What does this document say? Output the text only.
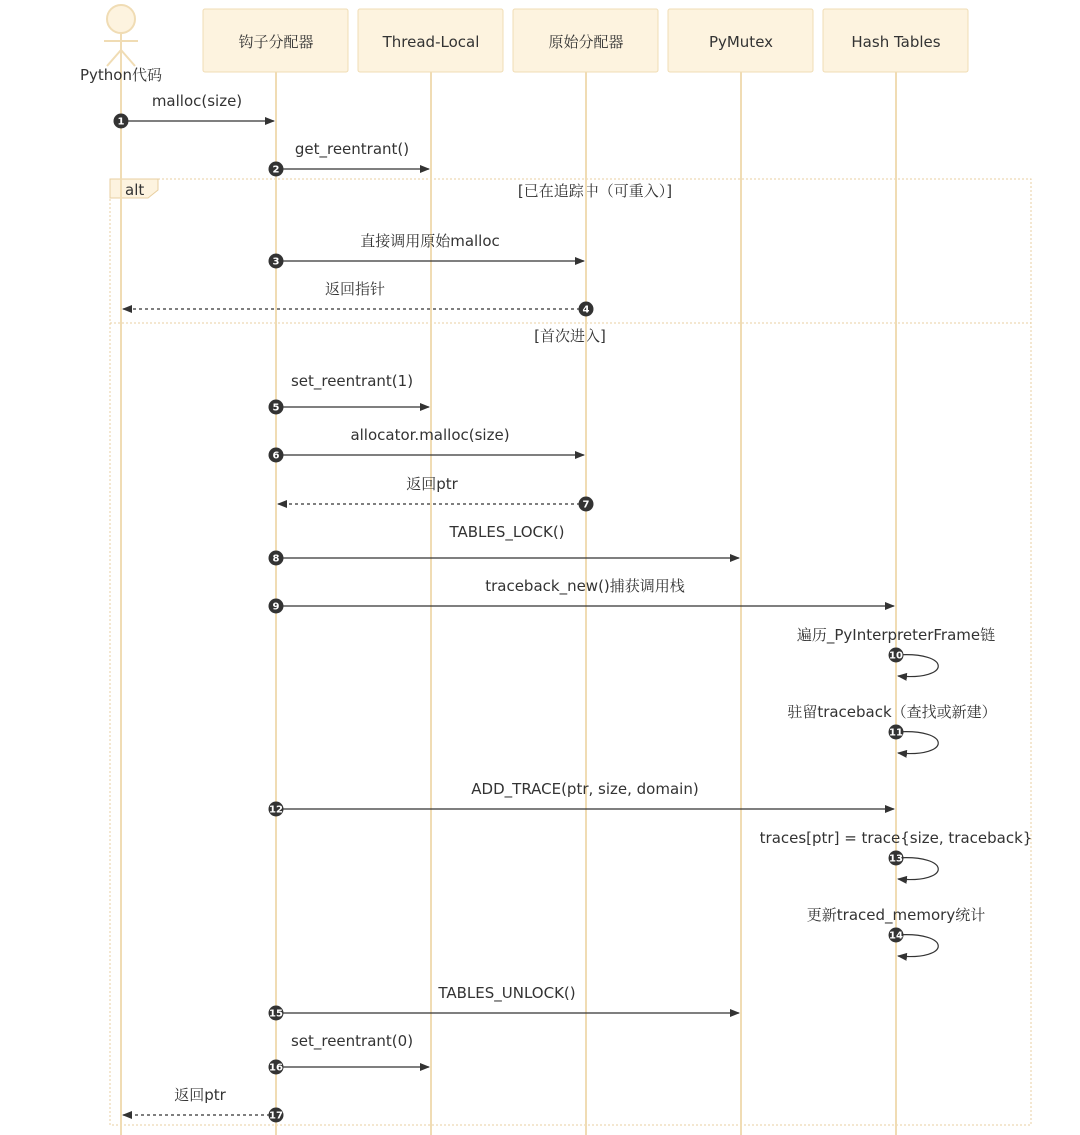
alt	[已在追踪中（可重入）]
[首次进入]
Python代码
钩子分配器	Thread-Local	原始分配器	PyMutex	Hash Tables
malloc(size)
1
get_reentrant()
2
直接调用原始malloc
3
返回指针
4
set_reentrant(1)
5
allocator.malloc(size)
6
返回ptr
7
TABLES_LOCK()
8
traceback_new()捕获调用栈
9
遍历_PyInterpreterFrame链
10
驻留traceback（查找或新建）
11
ADD_TRACE(ptr, size, domain)
12
traces[ptr] = trace{size, traceback}
13
更新traced_memory统计
14
TABLES_UNLOCK()
15
set_reentrant(0)
16
返回ptr
17
